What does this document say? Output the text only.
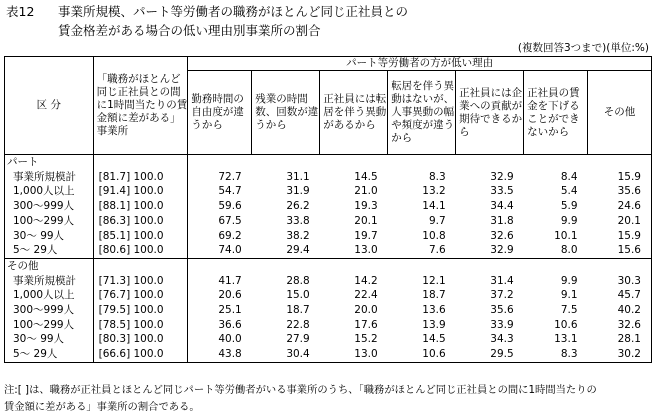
表12 事業所規模、パート等労働者の職務がほとんど同じ正社員との
賃金格差がある場合の低い理由別事業所の割合
(複数回答3つまで)(単位:%)
区 分	「職務がほとんど同じ正社員との間に1時間当たりの賃金額に差がある」事業所	パート等労働者の方が低い理由						
		勤務時間の自由度が違うから	残業の時間数、回数が違うから	正社員には転居を伴う異動があるから	転居を伴う異動はないが、人事異動の幅や頻度が違うから	正社員には企業への貢献が期待できるから	正社員の賃金を下げることができないから	その他
パート								
事業所規模計	[81.7] 100.0	72.7	31.1	14.5	8.3	32.9	8.4	15.9
1,000人以上	[91.4] 100.0	54.7	31.9	21.0	13.2	33.5	5.4	35.6
300～999人	[88.1] 100.0	59.6	26.2	19.3	14.1	34.4	5.9	24.6
100～299人	[86.3] 100.0	67.5	33.8	20.1	9.7	31.8	9.9	20.1
30～ 99人	[85.1] 100.0	69.2	38.2	19.7	10.8	32.6	10.1	15.9
5～ 29人	[80.6] 100.0	74.0	29.4	13.0	7.6	32.9	8.0	15.6
その他								
事業所規模計	[71.3] 100.0	41.7	28.8	14.2	12.1	31.4	9.9	30.3
1,000人以上	[76.7] 100.0	20.6	15.0	22.4	18.7	37.2	9.1	45.7
300～999人	[79.5] 100.0	25.1	18.7	20.0	13.6	35.6	7.5	40.2
100～299人	[78.5] 100.0	36.6	22.8	17.6	13.9	33.9	10.6	32.6
30～ 99人	[80.3] 100.0	40.0	27.9	15.2	14.5	34.3	13.1	28.1
5～ 29人	[66.6] 100.0	43.8	30.4	13.0	10.6	29.5	8.3	30.2
注:[ ]は、職務が正社員とほとんど同じパート等労働者がいる事業所のうち、「職務がほとんど同じ正社員との間に1時間当たりの
賃金額に差がある」事業所の割合である。
